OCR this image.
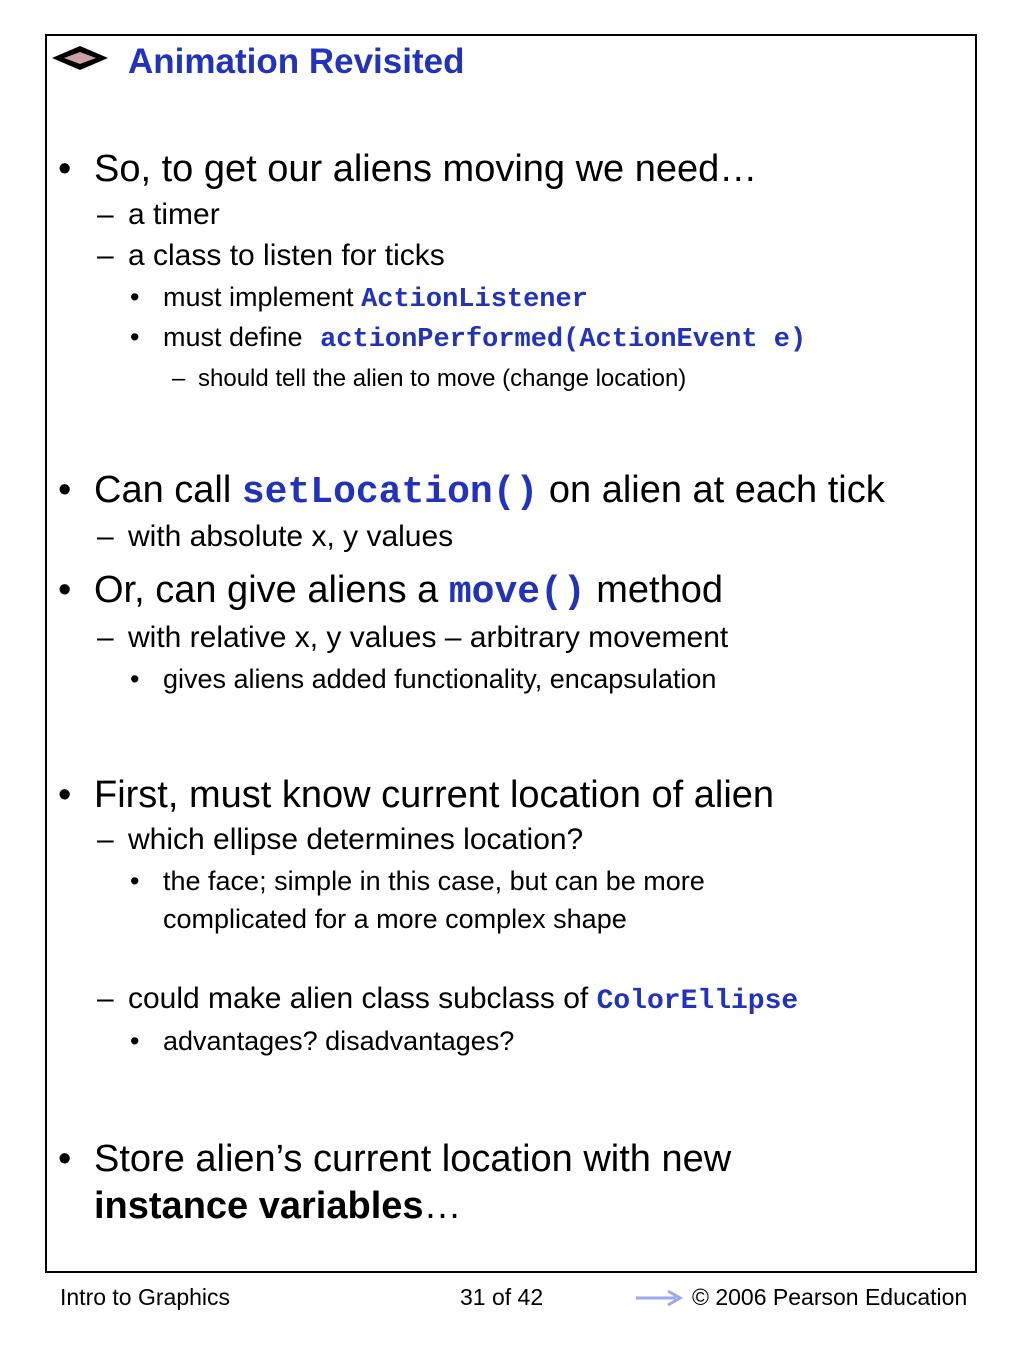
Animation Revisited
• So, to get our aliens moving we need…
– a timer
– a class to listen for ticks
• must implement ActionListener
• must define actionPerformed(ActionEvent e)
– should tell the alien to move (change location)
• Can call setLocation() on alien at each tick
– with absolute x, y values
• Or, can give aliens a move() method
– with relative x, y values – arbitrary movement
• gives aliens added functionality, encapsulation
• First, must know current location of alien
– which ellipse determines location?
• the face; simple in this case, but can be more
complicated for a more complex shape
– could make alien class subclass of ColorEllipse
• advantages? disadvantages?
• Store alien’s current location with new
instance variables…
Intro to Graphics	31 of 42	© 2006 Pearson Education
